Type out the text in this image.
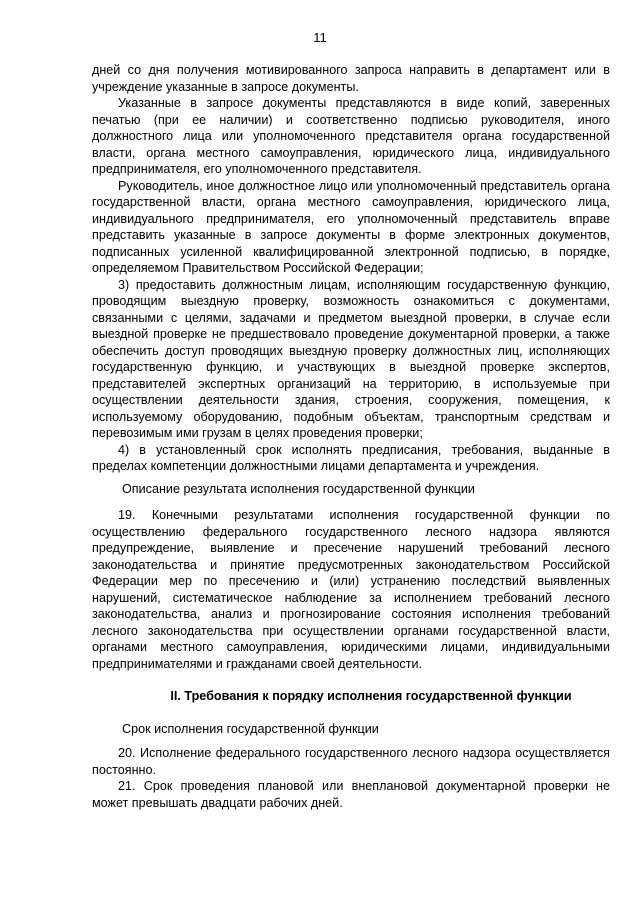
11

дней со дня получения мотивированного запроса направить в департамент или в учреждение указанные в запросе документы.

Указанные в запросе документы представляются в виде копий, заверенных печатью (при ее наличии) и соответственно подписью руководителя, иного должностного лица или уполномоченного представителя органа государственной власти, органа местного самоуправления, юридического лица, индивидуального предпринимателя, его уполномоченного представителя.

Руководитель, иное должностное лицо или уполномоченный представитель органа государственной власти, органа местного самоуправления, юридического лица, индивидуального предпринимателя, его уполномоченный представитель вправе представить указанные в запросе документы в форме электронных документов, подписанных усиленной квалифицированной электронной подписью, в порядке, определяемом Правительством Российской Федерации;

3) предоставить должностным лицам, исполняющим государственную функцию, проводящим выездную проверку, возможность ознакомиться с документами, связанными с целями, задачами и предметом выездной проверки, в случае если выездной проверке не предшествовало проведение документарной проверки, а также обеспечить доступ проводящих выездную проверку должностных лиц, исполняющих государственную функцию, и участвующих в выездной проверке экспертов, представителей экспертных организаций на территорию, в используемые при осуществлении деятельности здания, строения, сооружения, помещения, к используемому оборудованию, подобным объектам, транспортным средствам и перевозимым ими грузам в целях проведения проверки;

4) в установленный срок исполнять предписания, требования, выданные в пределах компетенции должностными лицами департамента и учреждения.

Описание результата исполнения государственной функции

19. Конечными результатами исполнения государственной функции по осуществлению федерального государственного лесного надзора являются предупреждение, выявление и пресечение нарушений требований лесного законодательства и принятие предусмотренных законодательством Российской Федерации мер по пресечению и (или) устранению последствий выявленных нарушений, систематическое наблюдение за исполнением требований лесного законодательства, анализ и прогнозирование состояния исполнения требований лесного законодательства при осуществлении органами государственной власти, органами местного самоуправления, юридическими лицами, индивидуальными предпринимателями и гражданами своей деятельности.

II. Требования к порядку исполнения государственной функции

Срок исполнения государственной функции

20. Исполнение федерального государственного лесного надзора осуществляется постоянно.

21. Срок проведения плановой или внеплановой документарной проверки не может превышать двадцати рабочих дней.
